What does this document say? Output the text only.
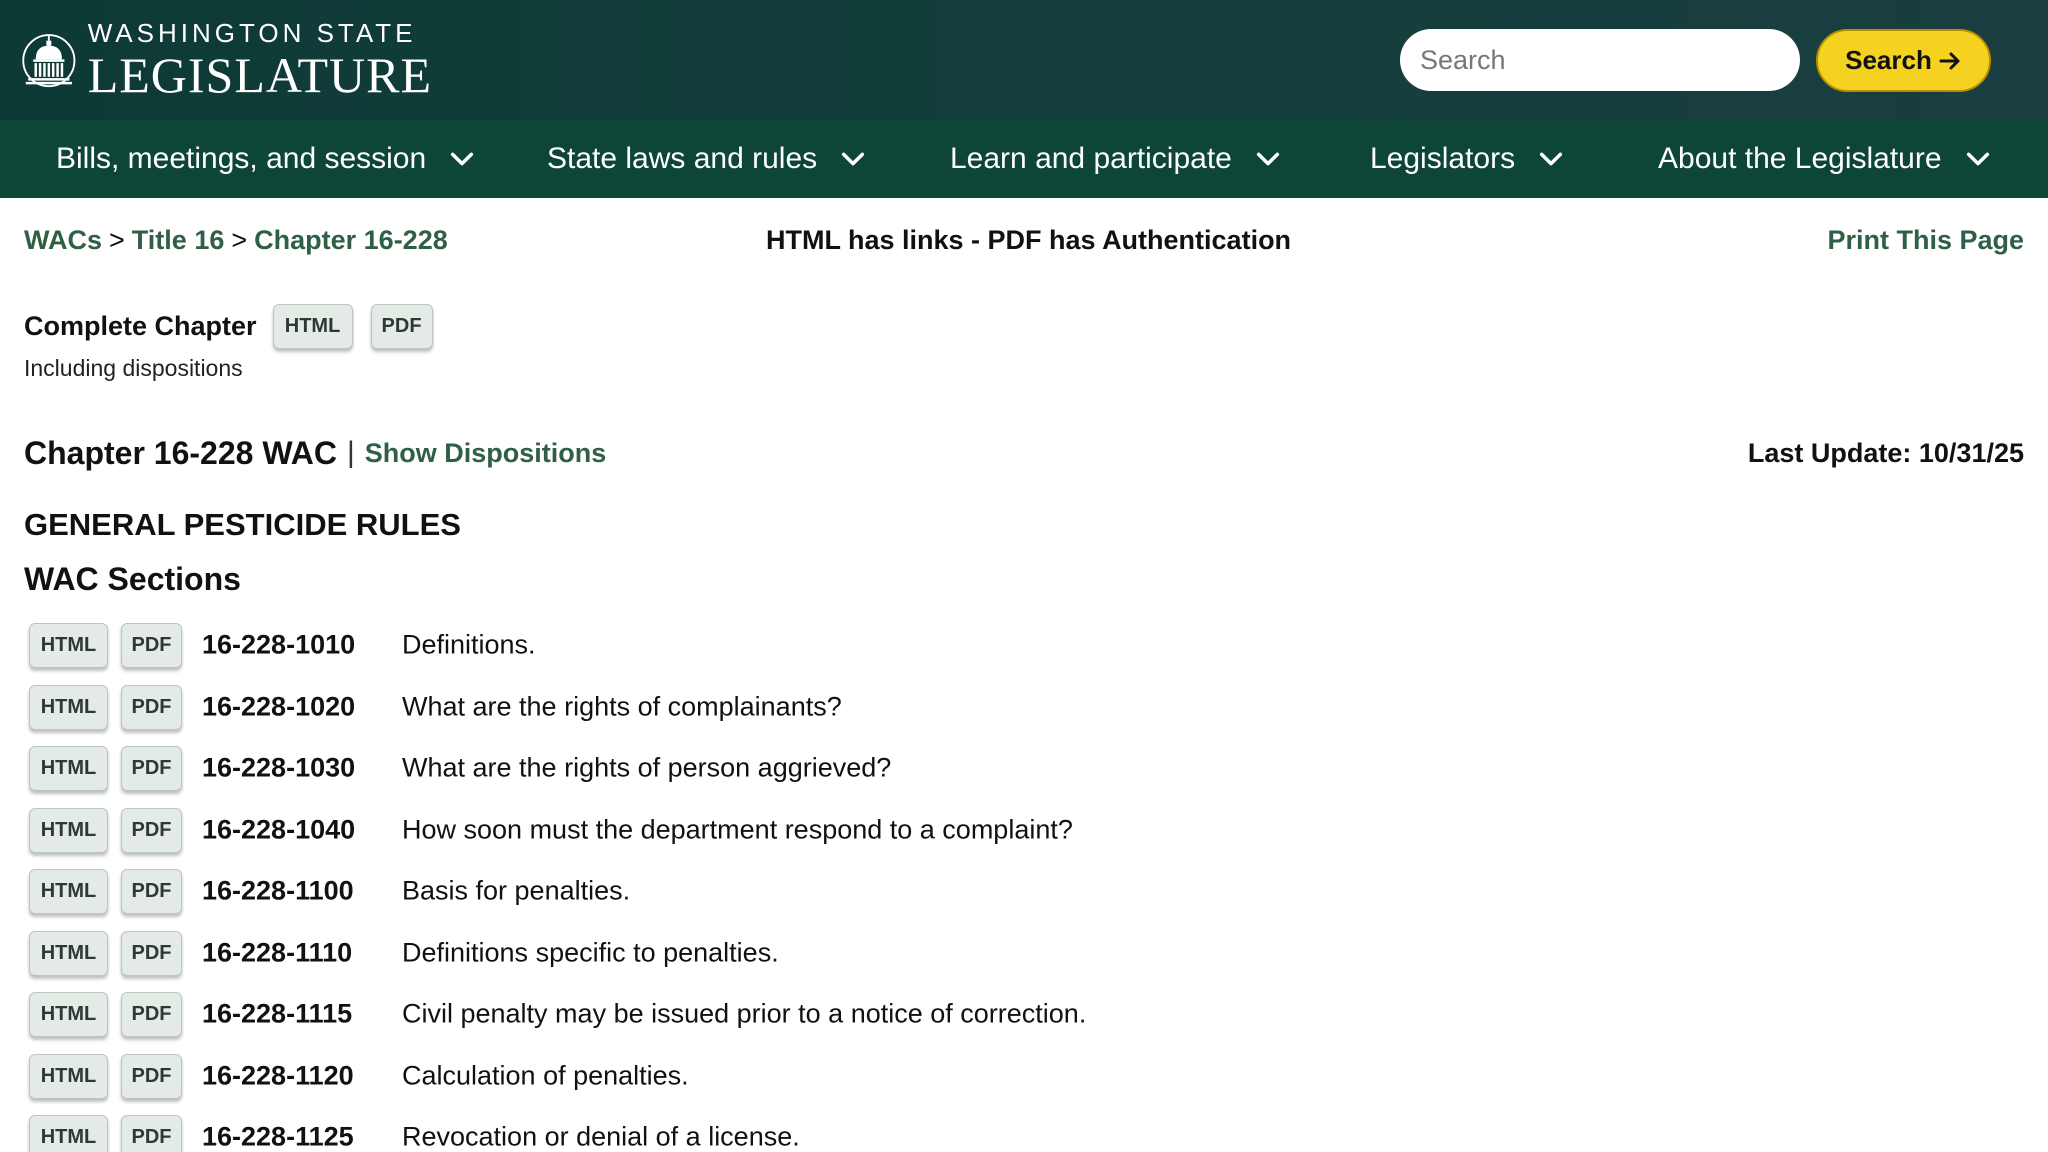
WASHINGTON STATE
LEGISLATURE
Search	Search
Bills, meetings, and session	State laws and rules	Learn and participate	Legislators	About the Legislature
WACs > Title 16 > Chapter 16-228	HTML has links - PDF has Authentication	Print This Page
Complete Chapter	HTML	PDF
Including dispositions
Chapter 16-228 WAC | Show Dispositions	Last Update: 10/31/25
GENERAL PESTICIDE RULES
WAC Sections
HTML	PDF	16-228-1010 Definitions.
HTML	PDF	16-228-1020 What are the rights of complainants?
HTML	PDF	16-228-1030 What are the rights of person aggrieved?
HTML	PDF	16-228-1040 How soon must the department respond to a complaint?
HTML	PDF	16-228-1100 Basis for penalties.
HTML	PDF	16-228-1110 Definitions specific to penalties.
HTML	PDF	16-228-1115 Civil penalty may be issued prior to a notice of correction.
HTML	PDF	16-228-1120 Calculation of penalties.
HTML	PDF	16-228-1125 Revocation or denial of a license.
